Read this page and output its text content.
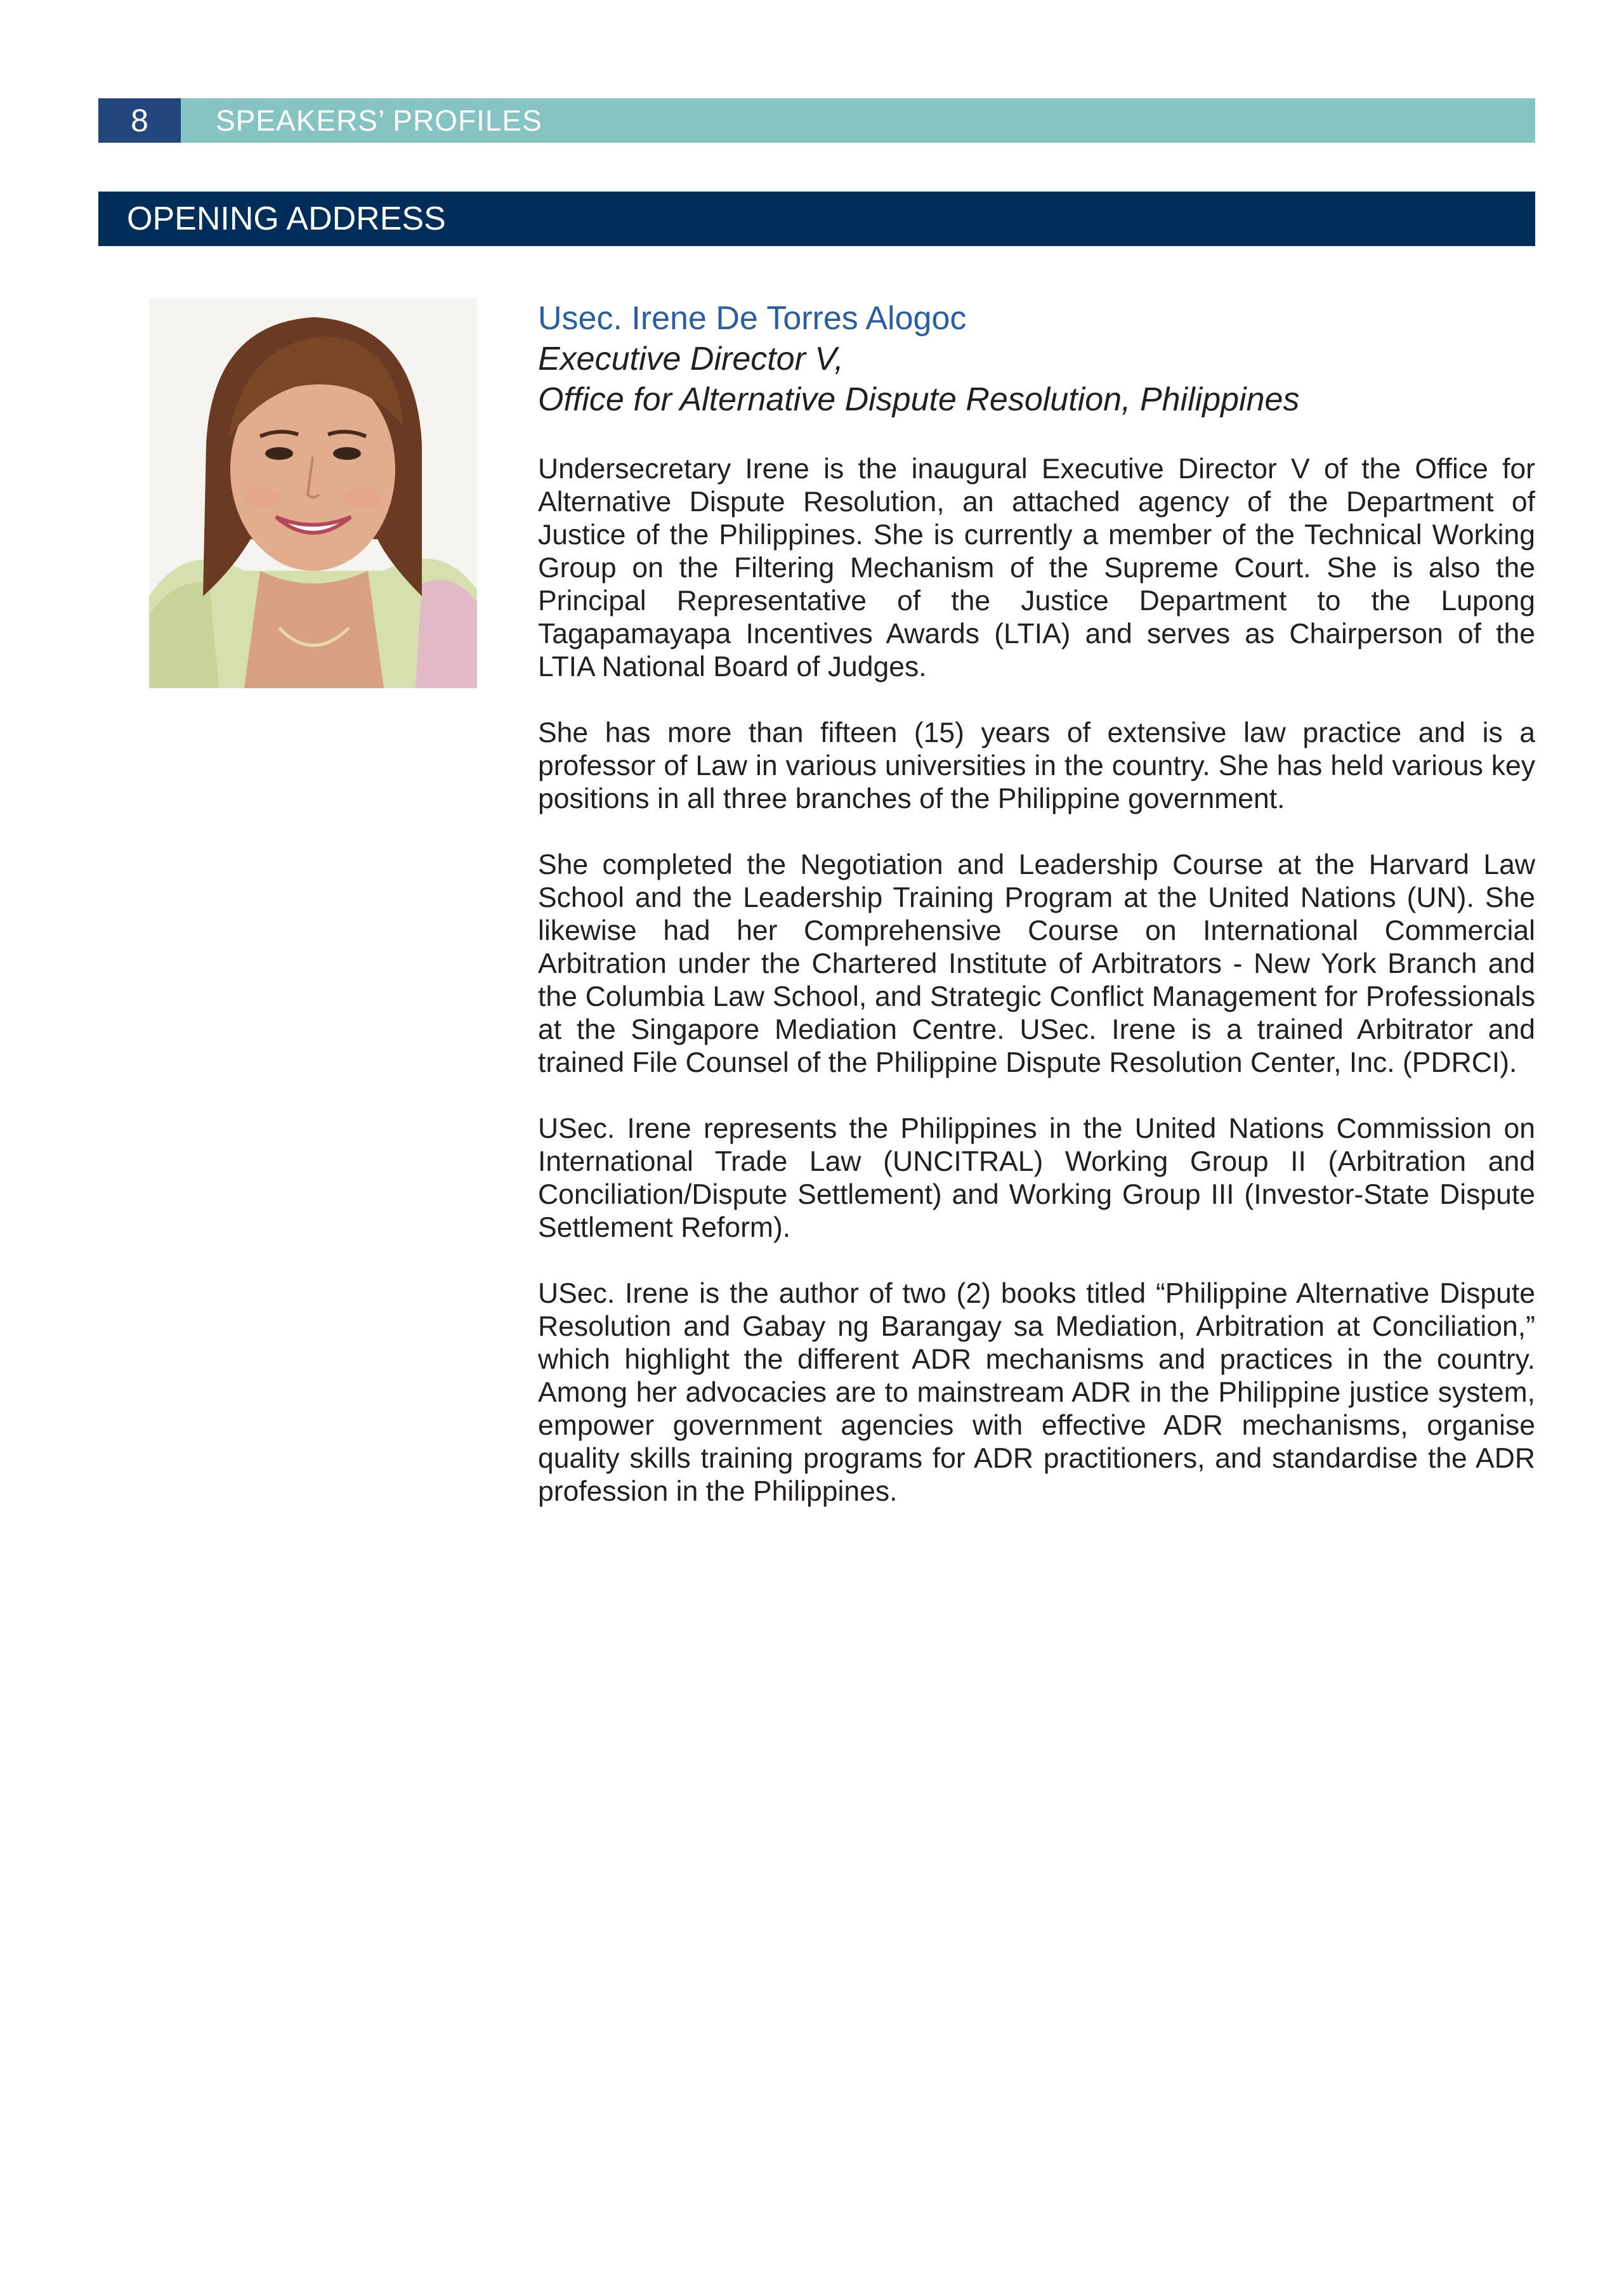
8	SPEAKERS’ PROFILES
OPENING ADDRESS

Usec. Irene De Torres Alogoc

Executive Director V,

Office for Alternative Dispute Resolution, Philippines

Undersecretary Irene is the inaugural Executive Director V of the Office for Alternative Dispute Resolution, an attached agency of the Department of Justice of the Philippines. She is currently a member of the Technical Working Group on the Filtering Mechanism of the Supreme Court. She is also the Principal Representative of the Justice Department to the Lupong Tagapamayapa Incentives Awards (LTIA) and serves as Chairperson of the LTIA National Board of Judges.

She has more than fifteen (15) years of extensive law practice and is a professor of Law in various universities in the country. She has held various key positions in all three branches of the Philippine government.

She completed the Negotiation and Leadership Course at the Harvard Law School and the Leadership Training Program at the United Nations (UN). She likewise had her Comprehensive Course on International Commercial Arbitration under the Chartered Institute of Arbitrators - New York Branch and the Columbia Law School, and Strategic Conflict Management for Professionals at the Singapore Mediation Centre. USec. Irene is a trained Arbitrator and trained File Counsel of the Philippine Dispute Resolution Center, Inc. (PDRCI).

USec. Irene represents the Philippines in the United Nations Commission on International Trade Law (UNCITRAL) Working Group II (Arbitration and Conciliation/Dispute Settlement) and Working Group III (Investor-State Dispute Settlement Reform).

USec. Irene is the author of two (2) books titled “Philippine Alternative Dispute Resolution and Gabay ng Barangay sa Mediation, Arbitration at Conciliation,” which highlight the different ADR mechanisms and practices in the country. Among her advocacies are to mainstream ADR in the Philippine justice system, empower government agencies with effective ADR mechanisms, organise quality skills training programs for ADR practitioners, and standardise the ADR profession in the Philippines.
